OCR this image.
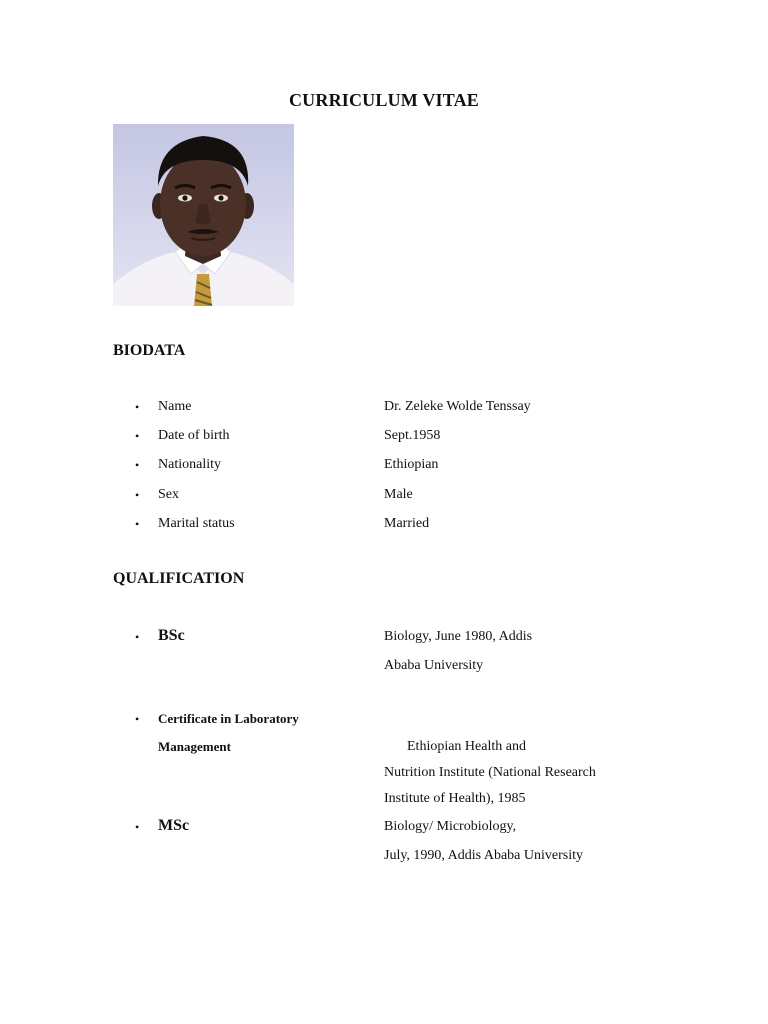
CURRICULUM VITAE
BIODATA
• Name	Dr. Zeleke Wolde Tenssay
• Date of birth	Sept.1958
• Nationality	Ethiopian
• Sex	Male
• Marital status	Married
QUALIFICATION
• BSc	Biology, June 1980, Addis
Ababa University
• Certificate in Laboratory
Management	Ethiopian Health and
Nutrition Institute (National Research
Institute of Health), 1985
• MSc	Biology/ Microbiology,
July, 1990, Addis Ababa University
